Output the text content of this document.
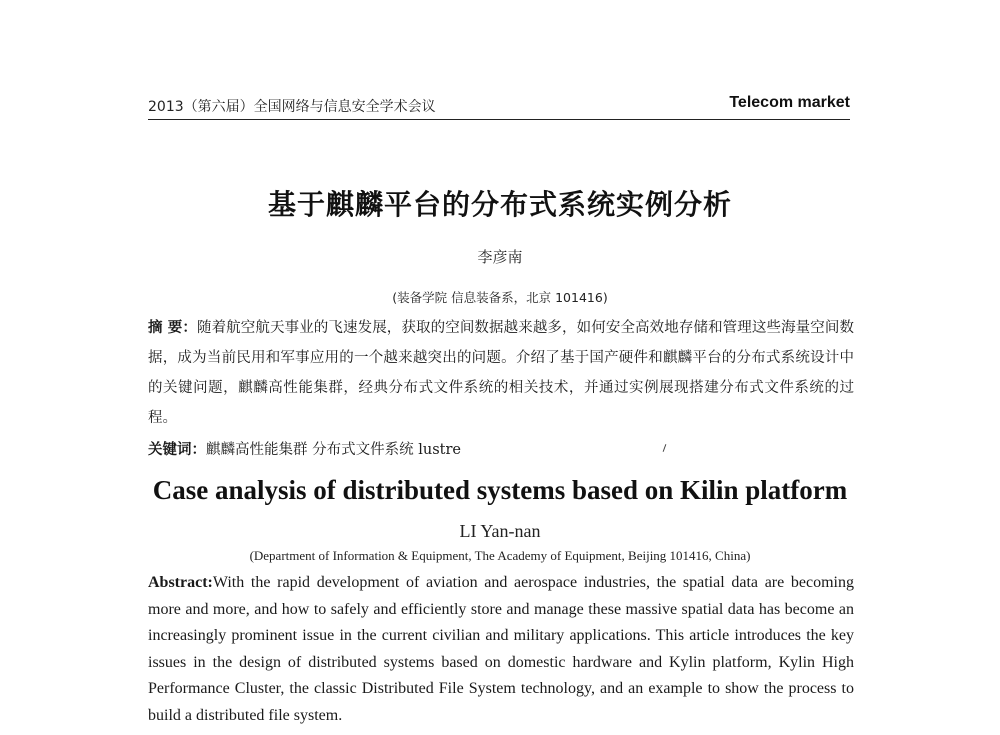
2013（第六届）全国网络与信息安全学术会议	Telecom market
基于麒麟平台的分布式系统实例分析
李彦南
(装备学院 信息装备系，北京 101416)
摘 要：随着航空航天事业的飞速发展，获取的空间数据越来越多，如何安全高效地存储和管理这些海量空间数据，成为当前民用和军事应用的一个越来越突出的问题。介绍了基于国产硬件和麒麟平台的分布式系统设计中的关键问题，麒麟高性能集群，经典分布式文件系统的相关技术，并通过实例展现搭建分布式文件系统的过程。
关键词：麒麟高性能集群 分布式文件系统 lustre
Case analysis of distributed systems based on Kilin platform
LI Yan-nan
(Department of Information & Equipment, The Academy of Equipment, Beijing 101416, China)
Abstract:With the rapid development of aviation and aerospace industries, the spatial data are becoming more and more, and how to safely and efficiently store and manage these massive spatial data has become an increasingly prominent issue in the current civilian and military applications. This article introduces the key issues in the design of distributed systems based on domestic hardware and Kylin platform, Kylin High Performance Cluster, the classic Distributed File System technology, and an example to show the process to build a distributed file system.
